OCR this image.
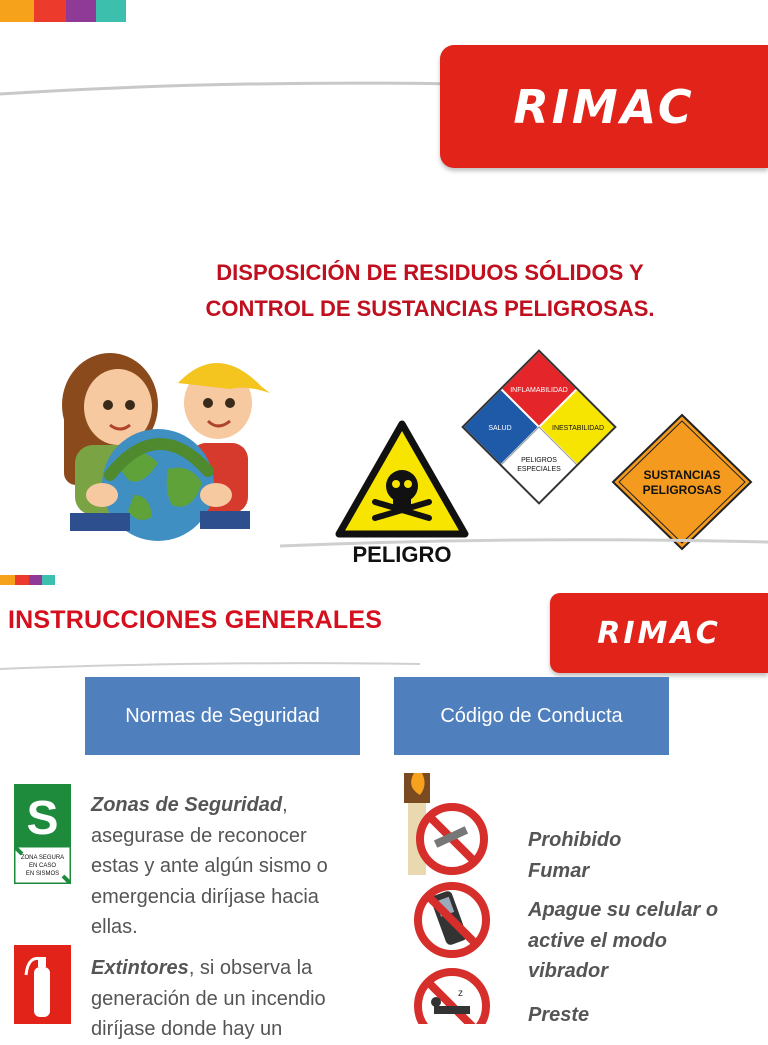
RIMAC
DISPOSICIÓN DE RESIDUOS SÓLIDOS Y
CONTROL DE SUSTANCIAS PELIGROSAS.
PELIGRO
INFLAMABILIDAD
SALUD	INESTABILIDAD
PELIGROS
ESPECIALES	SUSTANCIAS
PELIGROSAS
RIMAC
INSTRUCCIONES GENERALES
Normas de Seguridad	Código de Conducta
S
ZONA SEGURA
EN CASO
EN SISMOS
Zonas de Seguridad,
asegurase de reconocer
estas y ante algún sismo o
emergencia diríjase hacia
ellas.
Extintores, si observa la
generación de un incendio
diríjase donde hay un
z
Prohibido
Fumar
Apague su celular o
active el modo
vibrador
Preste
